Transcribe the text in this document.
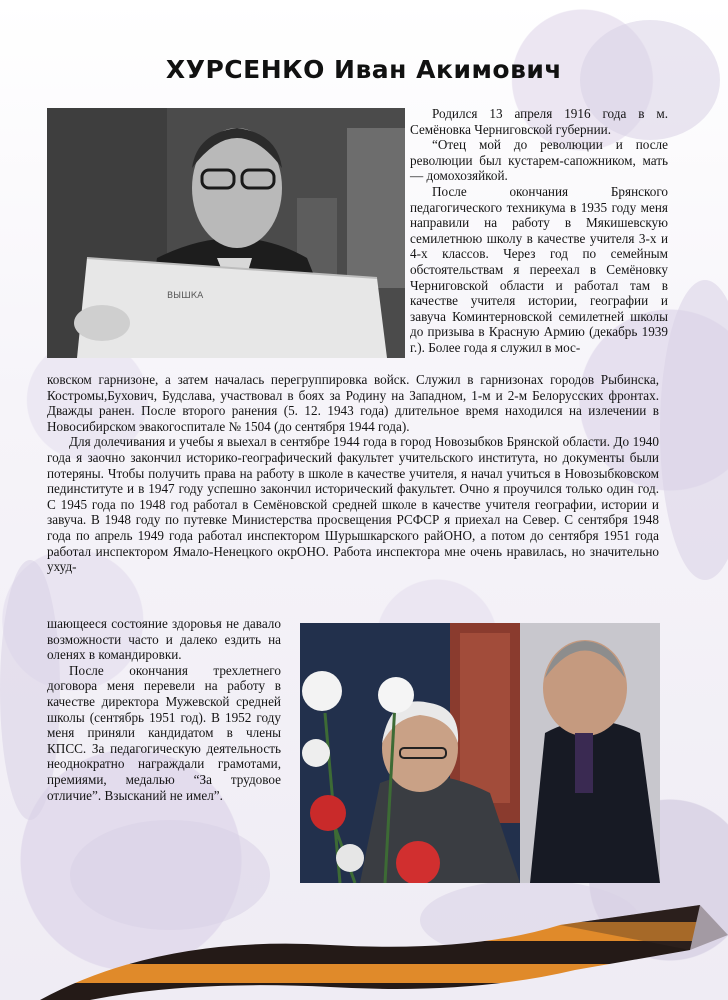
ХУРСЕНКО Иван Акимович
ВЫШКА

Родился 13 апреля 1916 года в м. Семёновка Черниговской губернии.

“Отец мой до революции и после революции был кустарем-сапожником, мать — домохозяйкой.

После окончания Брянского педагогического техникума в 1935 году меня направили на работу в Мякишевскую семилетнюю школу в качестве учителя 3-х и 4-х классов. Через год по семейным обстоятельствам я переехал в Семёновку Черниговской области и работал там в качестве учителя истории, географии и завуча Коминтерновской семилетней школы до призыва в Красную Армию (декабрь 1939 г.). Более года я служил в мос-

ковском гарнизоне, а затем началась перегруппировка войск. Служил в гарнизонах городов Рыбинска, Костромы,Бухович, Будслава, участвовал в боях за Родину на Западном, 1-м и 2-м Белорусских фронтах. Дважды ранен. После второго ранения (5. 12. 1943 года) длительное время находился на излечении в Новосибирском эвакогоспитале № 1504 (до сентября 1944 года).

Для долечивания и учебы я выехал в сентябре 1944 года в город Новозыбков Брянской области. До 1940 года я заочно закончил историко-географический факультет учительского института, но документы были потеряны. Чтобы получить права на работу в школе в качестве учителя, я начал учиться в Новозыбковском пединституте и в 1947 году успешно закончил исторический факультет. Очно я проучился только один год. С 1945 года по 1948 год работал в Семёновской средней школе в качестве учителя географии, истории и завуча. В 1948 году по путевке Министерства просвещения РСФСР я приехал на Север. С сентября 1948 года по апрель 1949 года работал инспектором Шурышкарского райОНО, а потом до сентября 1951 года работал инспектором Ямало-Ненецкого окрОНО. Работа инспектора мне очень нравилась, но значительно ухуд-

шающееся состояние здоровья не давало возможности часто и далеко ездить на оленях в командировки.

После окончания трехлетнего договора меня перевели на работу в качестве директора Мужевской средней школы (сентябрь 1951 год). В 1952 году меня приняли кандидатом в члены КПСС. За педагогическую деятельность неоднократно награждали грамотами, премиями, медалью “За трудовое отличие”. Взысканий не имел”.
